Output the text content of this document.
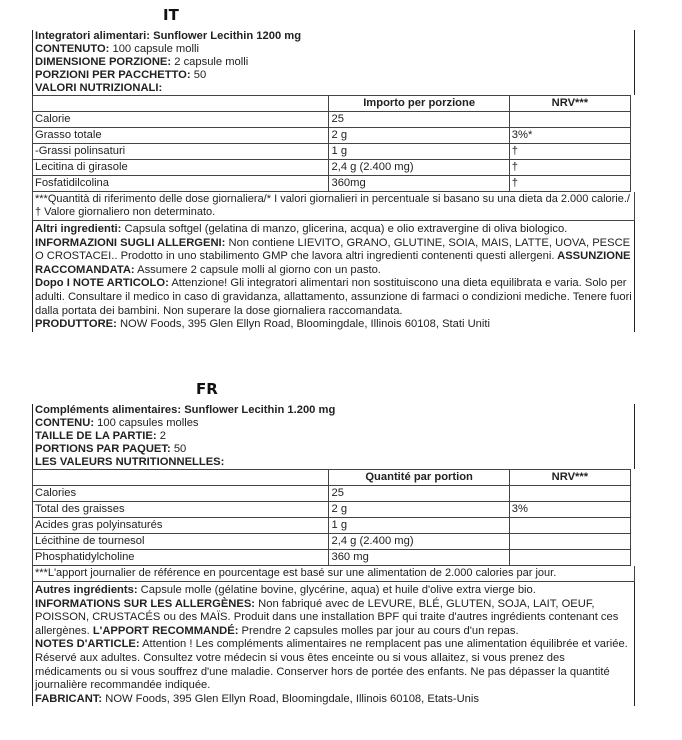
IT
Integratori alimentari: Sunflower Lecithin 1200 mg
CONTENUTO: 100 capsule molli
DIMENSIONE PORZIONE: 2 capsule molli
PORZIONI PER PACCHETTO: 50
VALORI NUTRIZIONALI:
	Importo per porzione	NRV***
Calorie	25	
Grasso totale	2 g	3%*
-Grassi polinsaturi	1 g	†
Lecitina di girasole	2,4 g (2.400 mg)	†
Fosfatidilcolina	360mg	†
***Quantità di riferimento delle dose giornaliera/* I valori giornalieri in percentuale si basano su una dieta da 2.000 calorie./ † Valore giornaliero non determinato.
Altri ingredienti: Capsula softgel (gelatina di manzo, glicerina, acqua) e olio extravergine di oliva biologico.
INFORMAZIONI SUGLI ALLERGENI: Non contiene LIEVITO, GRANO, GLUTINE, SOIA, MAIS, LATTE, UOVA, PESCE O CROSTACEI.. Prodotto in uno stabilimento GMP che lavora altri ingredienti contenenti questi allergeni. ASSUNZIONE RACCOMANDATA: Assumere 2 capsule molli al giorno con un pasto.
Dopo I NOTE ARTICOLO: Attenzione! Gli integratori alimentari non sostituiscono una dieta equilibrata e varia. Solo per adulti. Consultare il medico in caso di gravidanza, allattamento, assunzione di farmaci o condizioni mediche. Tenere fuori dalla portata dei bambini. Non superare la dose giornaliera raccomandata.
PRODUTTORE: NOW Foods, 395 Glen Ellyn Road, Bloomingdale, Illinois 60108, Stati Uniti
FR
Compléments alimentaires: Sunflower Lecithin 1.200 mg
CONTENU: 100 capsules molles
TAILLE DE LA PARTIE: 2
PORTIONS PAR PAQUET: 50
LES VALEURS NUTRITIONNELLES:
	Quantité par portion	NRV***
Calories	25	
Total des graisses	2 g	3%
Acides gras polyinsaturés	1 g	
Lécithine de tournesol	2,4 g (2.400 mg)	
Phosphatidylcholine	360 mg	
***L'apport journalier de référence en pourcentage est basé sur une alimentation de 2.000 calories par jour.
Autres ingrédients: Capsule molle (gélatine bovine, glycérine, aqua) et huile d'olive extra vierge bio.
INFORMATIONS SUR LES ALLERGÈNES: Non fabriqué avec de LEVURE, BLÉ, GLUTEN, SOJA, LAIT, OEUF, POISSON, CRUSTACÉS ou des MAÏS. Produit dans une installation BPF qui traite d'autres ingrédients contenant ces allergènes. L'APPORT RECOMMANDÉ: Prendre 2 capsules molles par jour au cours d'un repas.
NOTES D'ARTICLE: Attention ! Les compléments alimentaires ne remplacent pas une alimentation équilibrée et variée. Réservé aux adultes. Consultez votre médecin si vous êtes enceinte ou si vous allaitez, si vous prenez des médicaments ou si vous souffrez d'une maladie. Conserver hors de portée des enfants. Ne pas dépasser la quantité journalière recommandée indiquée.
FABRICANT: NOW Foods, 395 Glen Ellyn Road, Bloomingdale, Illinois 60108, Etats-Unis
